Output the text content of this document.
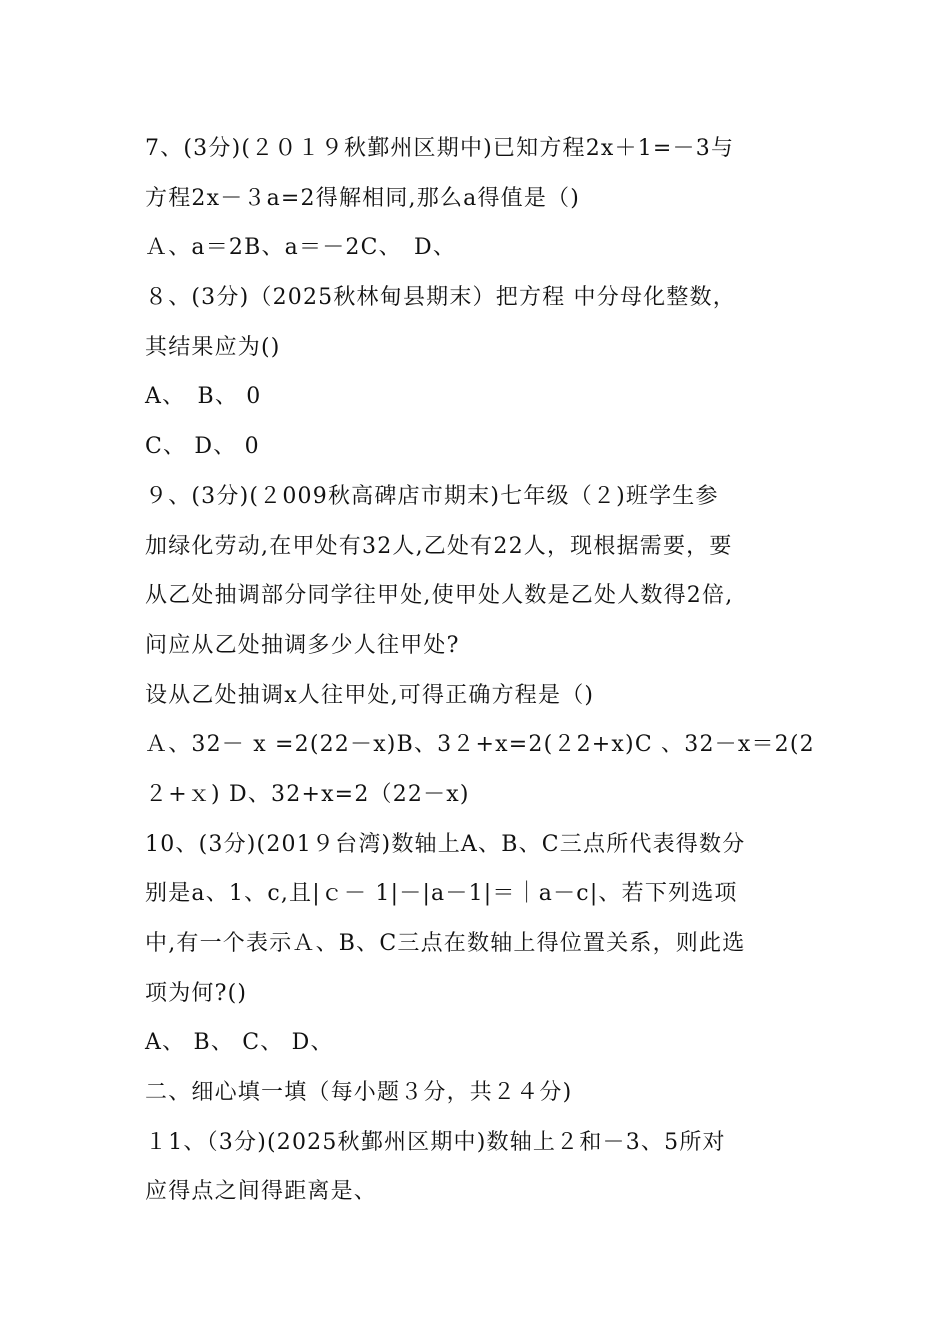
7、(3分)(２０１９秋鄞州区期中)已知方程2x＋1=－3与
方程2x－３a=2得解相同,那么a得值是（)
Ａ、a＝2B、a＝－2C、　D、
８、(3分)（2025秋林甸县期末）把方程 中分母化整数，
其结果应为()
A、　B、 0
C、 D、 0
９、(3分)(２009秋高碑店市期末)七年级（２)班学生参
加绿化劳动,在甲处有32人,乙处有22人，现根据需要，要
从乙处抽调部分同学往甲处,使甲处人数是乙处人数得2倍,
问应从乙处抽调多少人往甲处?
设从乙处抽调x人往甲处,可得正确方程是（)
Ａ、32－ x =2(22－x)B、3２+x=2(２2+x)C 、32－x＝2(2
２+ｘ) D、32+x=2（22－x)
10、(3分)(201９台湾)数轴上A、B、C三点所代表得数分
别是a、1、c,且|ｃ－ 1|－|a－1|＝｜a－c|、若下列选项
中,有一个表示Ａ、B、C三点在数轴上得位置关系，则此选
项为何?()
A、 B、 C、 D、
二、细心填一填（每小题３分，共２４分)
１1、（3分)(2025秋鄞州区期中)数轴上２和－3、5所对
应得点之间得距离是、
